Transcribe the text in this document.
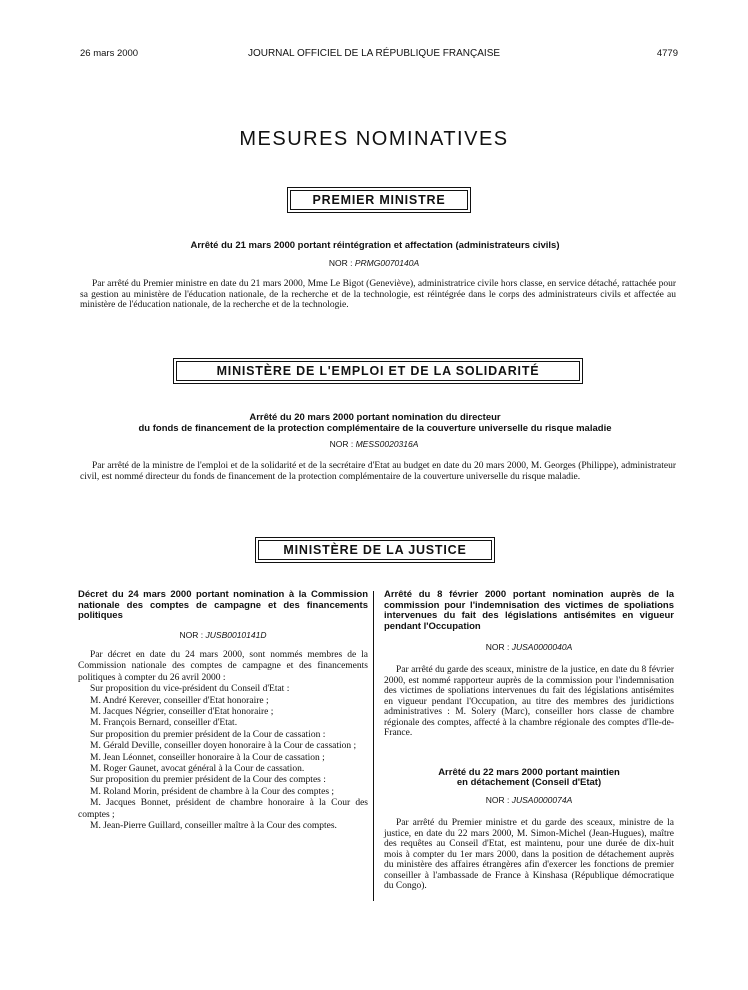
26 mars 2000	JOURNAL OFFICIEL DE LA RÉPUBLIQUE FRANÇAISE	4779
MESURES NOMINATIVES
PREMIER MINISTRE
Arrêté du 21 mars 2000 portant réintégration et affectation (administrateurs civils)
NOR : PRMG0070140A
Par arrêté du Premier ministre en date du 21 mars 2000, Mme Le Bigot (Geneviève), administratrice civile hors classe, en service détaché, rattachée pour sa gestion au ministère de l'éducation nationale, de la recherche et de la technologie, est réintégrée dans le corps des administrateurs civils et affectée au ministère de l'éducation nationale, de la recherche et de la technologie.
MINISTÈRE DE L'EMPLOI ET DE LA SOLIDARITÉ
Arrêté du 20 mars 2000 portant nomination du directeur
du fonds de financement de la protection complémentaire de la couverture universelle du risque maladie
NOR : MESS0020316A
Par arrêté de la ministre de l'emploi et de la solidarité et de la secrétaire d'Etat au budget en date du 20 mars 2000, M. Georges (Philippe), administrateur civil, est nommé directeur du fonds de financement de la protection complémentaire de la couverture universelle du risque maladie.
MINISTÈRE DE LA JUSTICE
Décret du 24 mars 2000 portant nomination à la Commission nationale des comptes de campagne et des financements politiques
NOR : JUSB0010141D
Par décret en date du 24 mars 2000, sont nommés membres de la Commission nationale des comptes de campagne et des financements politiques à compter du 26 avril 2000 :
Sur proposition du vice-président du Conseil d'Etat :
M. André Kerever, conseiller d'Etat honoraire ;
M. Jacques Négrier, conseiller d'Etat honoraire ;
M. François Bernard, conseiller d'Etat.
Sur proposition du premier président de la Cour de cassation :
M. Gérald Deville, conseiller doyen honoraire à la Cour de cassation ;
M. Jean Léonnet, conseiller honoraire à la Cour de cassation ;
M. Roger Gaunet, avocat général à la Cour de cassation.
Sur proposition du premier président de la Cour des comptes :
M. Roland Morin, président de chambre à la Cour des comptes ;
M. Jacques Bonnet, président de chambre honoraire à la Cour des comptes ;
M. Jean-Pierre Guillard, conseiller maître à la Cour des comptes.
Arrêté du 8 février 2000 portant nomination auprès de la commission pour l'indemnisation des victimes de spoliations intervenues du fait des législations antisémites en vigueur pendant l'Occupation
NOR : JUSA0000040A
Par arrêté du garde des sceaux, ministre de la justice, en date du 8 février 2000, est nommé rapporteur auprès de la commission pour l'indemnisation des victimes de spoliations intervenues du fait des législations antisémites en vigueur pendant l'Occupation, au titre des membres des juridictions administratives : M. Solery (Marc), conseiller hors classe de chambre régionale des comptes, affecté à la chambre régionale des comptes d'Ile-de-France.
Arrêté du 22 mars 2000 portant maintien
en détachement (Conseil d'Etat)
NOR : JUSA0000074A
Par arrêté du Premier ministre et du garde des sceaux, ministre de la justice, en date du 22 mars 2000, M. Simon-Michel (Jean-Hugues), maître des requêtes au Conseil d'Etat, est maintenu, pour une durée de dix-huit mois à compter du 1er mars 2000, dans la position de détachement auprès du ministère des affaires étrangères afin d'exercer les fonctions de premier conseiller à l'ambassade de France à Kinshasa (République démocratique du Congo).
